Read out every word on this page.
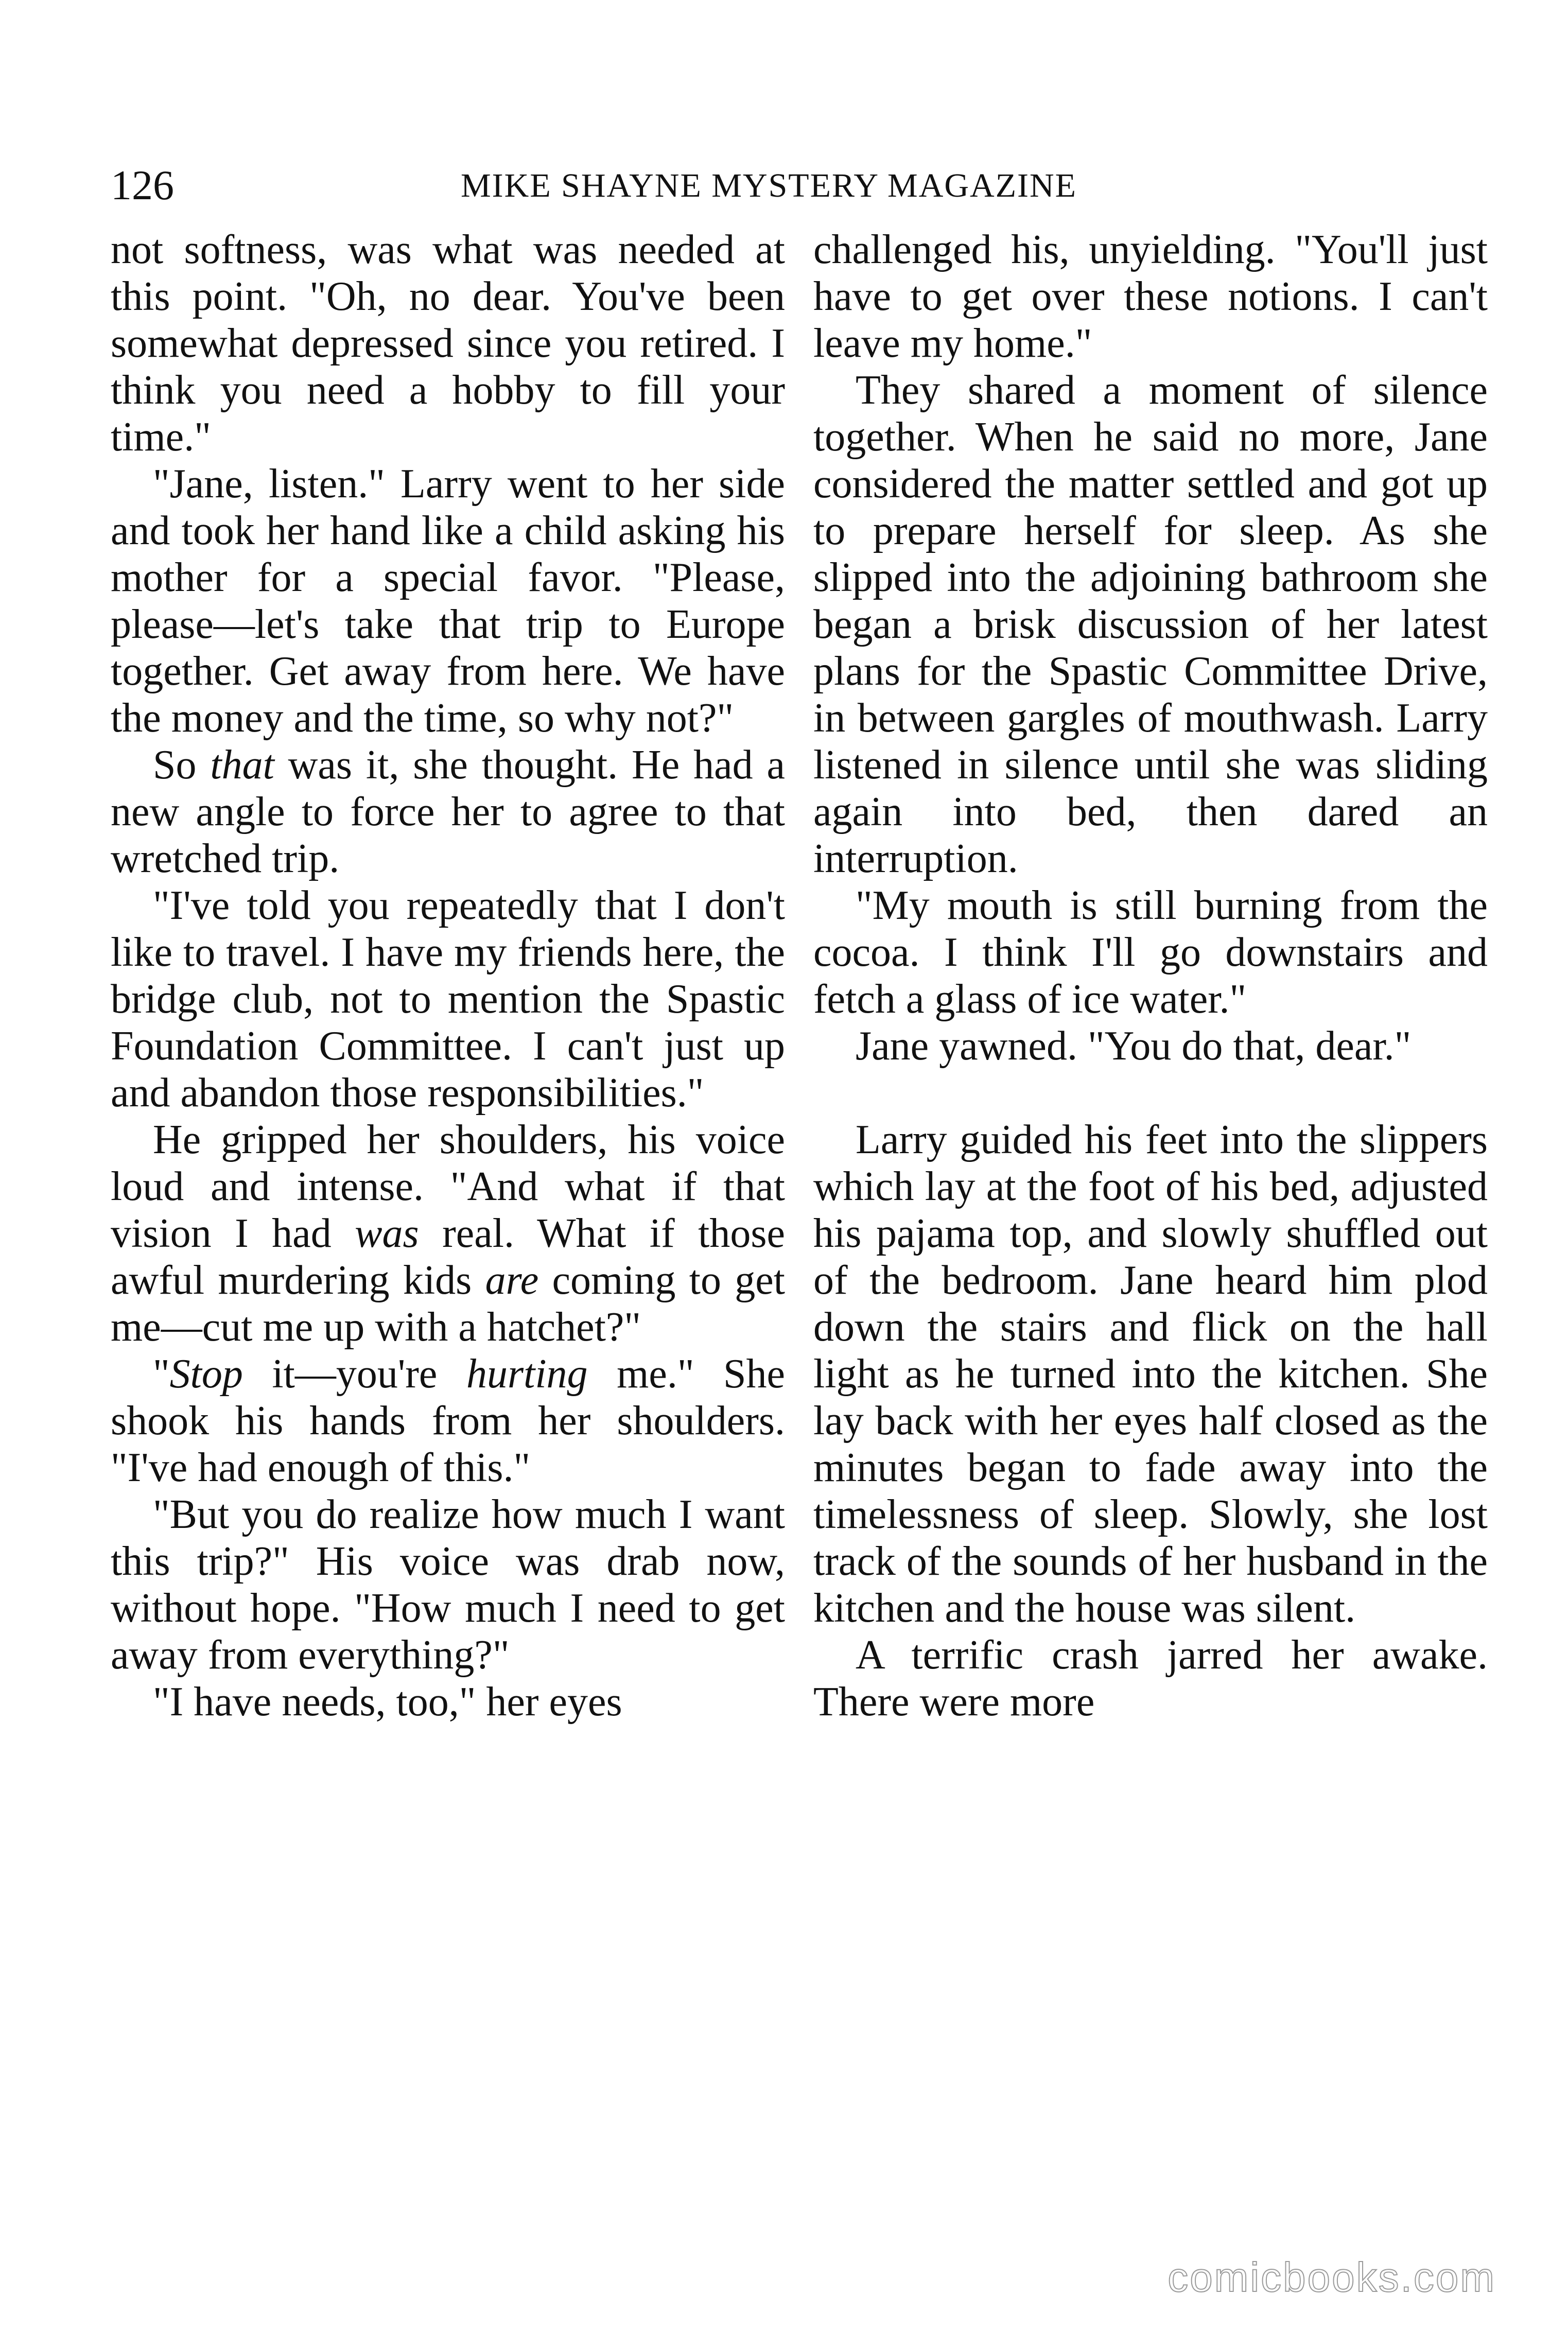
126	MIKE SHAYNE MYSTERY MAGAZINE

not softness, was what was needed at this point. "Oh, no dear. You've been somewhat depressed since you retired. I think you need a hobby to fill your time."

"Jane, listen." Larry went to her side and took her hand like a child asking his mother for a special favor. "Please, please—let's take that trip to Europe together. Get away from here. We have the money and the time, so why not?"

So that was it, she thought. He had a new angle to force her to agree to that wretched trip.

"I've told you repeatedly that I don't like to travel. I have my friends here, the bridge club, not to mention the Spastic Foundation Committee. I can't just up and abandon those responsibilities."

He gripped her shoulders, his voice loud and intense. "And what if that vision I had was real. What if those awful murdering kids are coming to get me—cut me up with a hatchet?"

"Stop it—you're hurting me." She shook his hands from her shoulders. "I've had enough of this."

"But you do realize how much I want this trip?" His voice was drab now, without hope. "How much I need to get away from everything?"

"I have needs, too," her eyes

challenged his, unyielding. "You'll just have to get over these notions. I can't leave my home."

They shared a moment of silence together. When he said no more, Jane considered the matter settled and got up to prepare herself for sleep. As she slipped into the adjoining bathroom she began a brisk discussion of her latest plans for the Spastic Committee Drive, in between gargles of mouthwash. Larry listened in silence until she was sliding again into bed, then dared an interruption.

"My mouth is still burning from the cocoa. I think I'll go downstairs and fetch a glass of ice water."

Jane yawned. "You do that, dear."

Larry guided his feet into the slippers which lay at the foot of his bed, adjusted his pajama top, and slowly shuffled out of the bedroom. Jane heard him plod down the stairs and flick on the hall light as he turned into the kitchen. She lay back with her eyes half closed as the minutes began to fade away into the timelessness of sleep. Slowly, she lost track of the sounds of her husband in the kitchen and the house was silent.

A terrific crash jarred her awake. There were more

comicbooks.com
